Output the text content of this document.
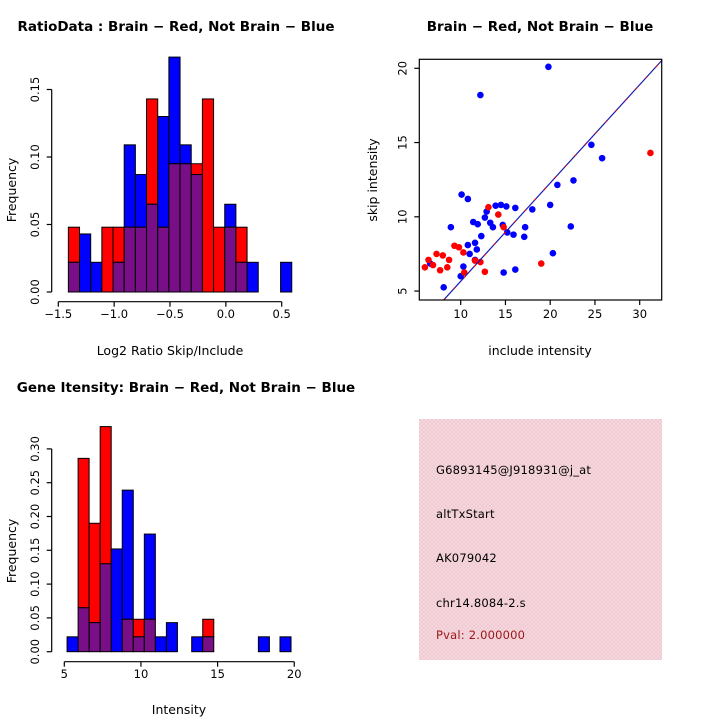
−1.5 −1.0 −0.5	0.0	0.5
0.00
0.05
0.10
0.15
RatioData : Brain − Red, Not Brain − Blue
Log2 Ratio Skip/Include
Frequency
10	15	20	25	30
5
10
15
20
Brain − Red, Not Brain − Blue
include intensity
skip intensity
5	10	15	20
0.00
0.05
0.10
0.15
0.20
0.25
0.30
Gene Itensity: Brain − Red, Not Brain − Blue
Intensity
Frequency
G6893145@J918931@j_at
altTxStart
AK079042
chr14.8084-2.s
Pval: 2.000000
